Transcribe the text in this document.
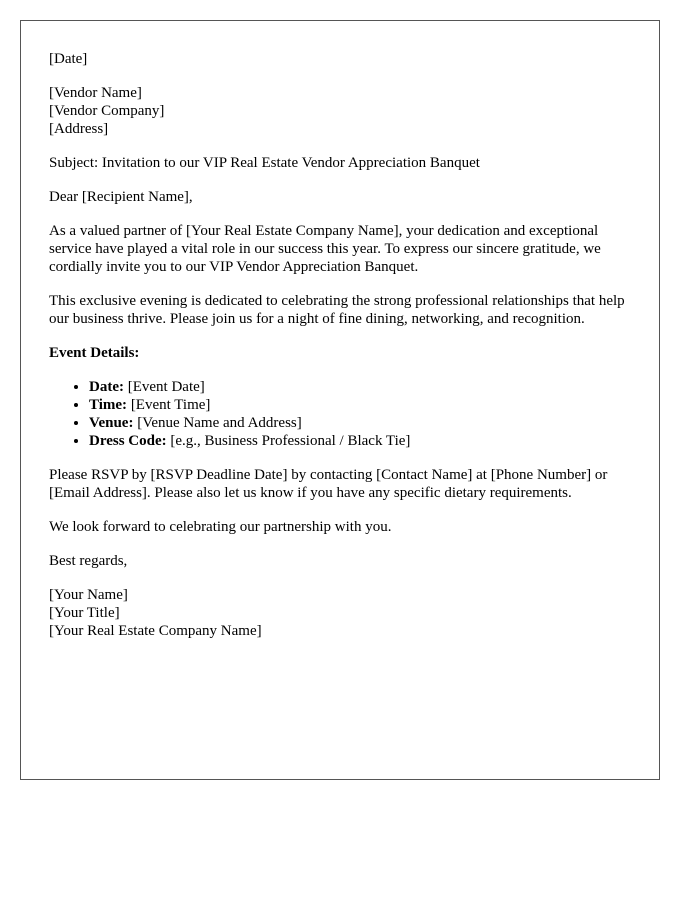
[Date]

[Vendor Name]
[Vendor Company]
[Address]

Subject: Invitation to our VIP Real Estate Vendor Appreciation Banquet

Dear [Recipient Name],

As a valued partner of [Your Real Estate Company Name], your dedication and exceptional service have played a vital role in our success this year. To express our sincere gratitude, we cordially invite you to our VIP Vendor Appreciation Banquet.

This exclusive evening is dedicated to celebrating the strong professional relationships that help our business thrive. Please join us for a night of fine dining, networking, and recognition.

Event Details:

• Date: [Event Date]
• Time: [Event Time]
• Venue: [Venue Name and Address]
• Dress Code: [e.g., Business Professional / Black Tie]

Please RSVP by [RSVP Deadline Date] by contacting [Contact Name] at [Phone Number] or [Email Address]. Please also let us know if you have any specific dietary requirements.

We look forward to celebrating our partnership with you.

Best regards,

[Your Name]
[Your Title]
[Your Real Estate Company Name]
